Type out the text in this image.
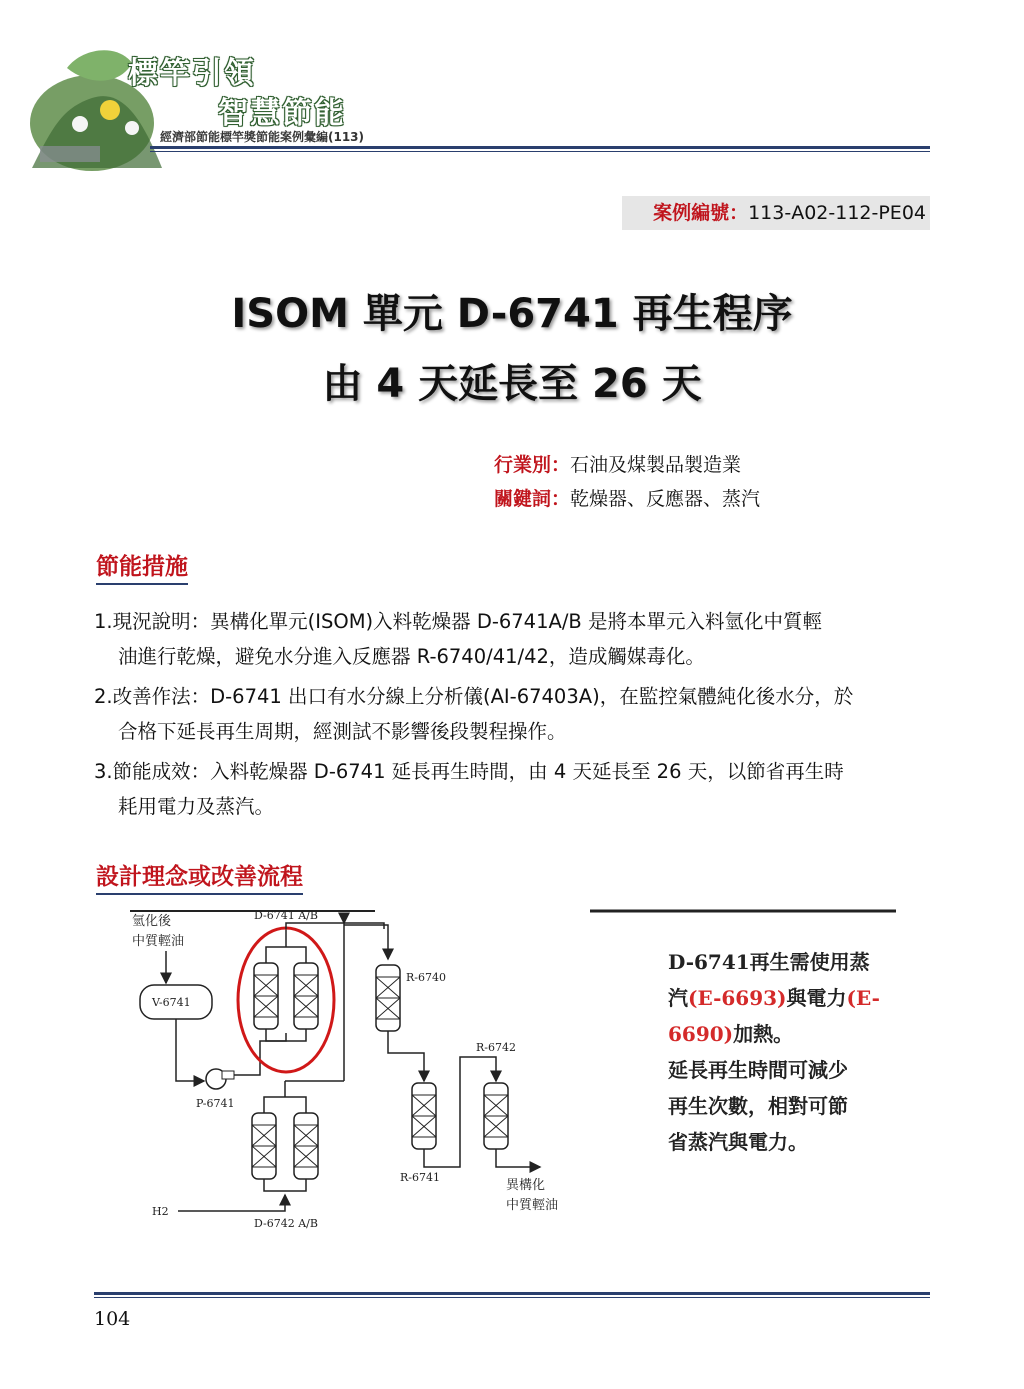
標竿引領
智慧節能
經濟部節能標竿獎節能案例彙編(113)
案例編號：113-A02-112-PE04
ISOM 單元 D-6741 再生程序
由 4 天延長至 26 天
行業別：石油及煤製品製造業
關鍵詞：乾燥器、反應器、蒸汽
節能措施
1.現況說明：異構化單元(ISOM)入料乾燥器 D-6741A/B 是將本單元入料氫化中質輕
油進行乾燥，避免水分進入反應器 R-6740/41/42，造成觸媒毒化。
2.改善作法：D-6741 出口有水分線上分析儀(AI-67403A)，在監控氣體純化後水分，於
合格下延長再生周期，經測試不影響後段製程操作。
3.節能成效：入料乾燥器 D-6741 延長再生時間，由 4 天延長至 26 天，以節省再生時
耗用電力及蒸汽。
設計理念或改善流程
氫化後
中質輕油
D-6741 A/B
V-6741
P-6741
R-6740
R-6741
R-6742
異構化
中質輕油
H2
D-6742 A/B
D-6741再生需使用蒸
汽(E-6693)與電力(E-
6690)加熱。
延長再生時間可減少
再生次數，相對可節
省蒸汽與電力。
104
